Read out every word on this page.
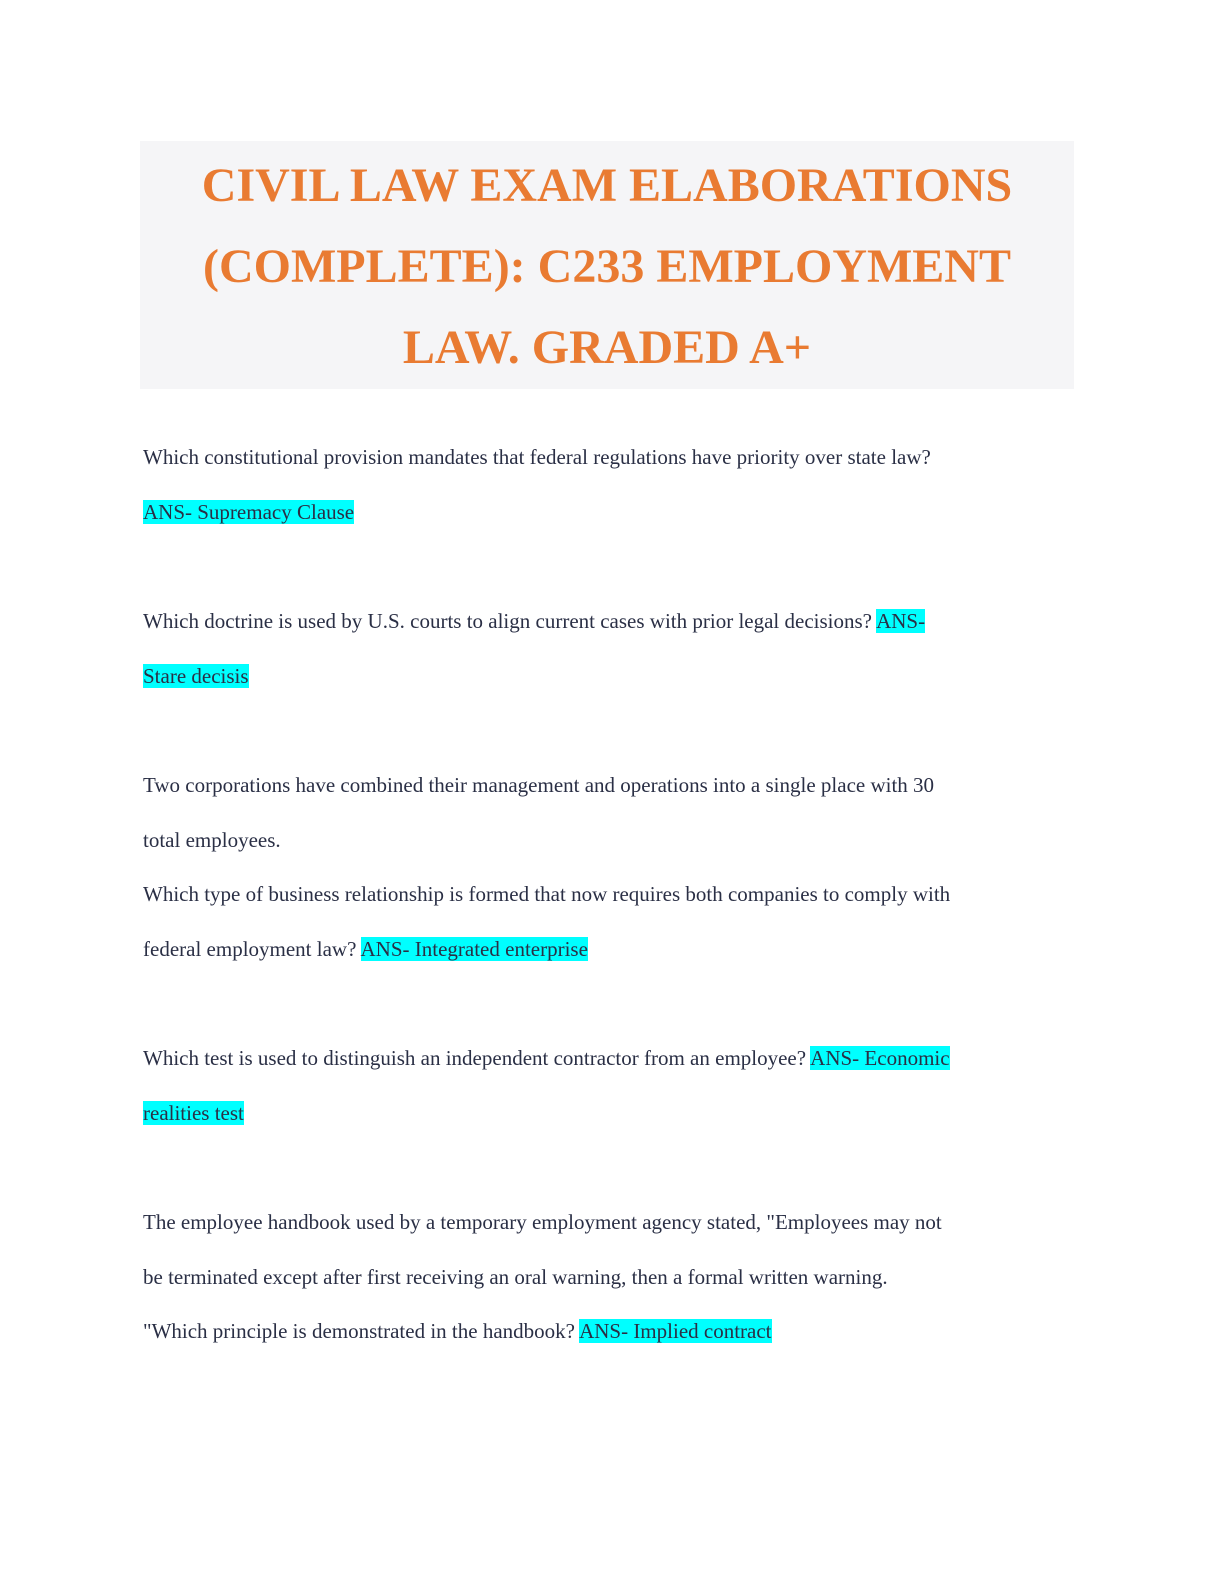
CIVIL LAW EXAM ELABORATIONS
(COMPLETE): C233 EMPLOYMENT
LAW. GRADED A+
Which constitutional provision mandates that federal regulations have priority over state law?
ANS- Supremacy Clause
Which doctrine is used by U.S. courts to align current cases with prior legal decisions? ANS-
Stare decisis
Two corporations have combined their management and operations into a single place with 30
total employees.
Which type of business relationship is formed that now requires both companies to comply with
federal employment law? ANS- Integrated enterprise
Which test is used to distinguish an independent contractor from an employee? ANS- Economic
realities test
The employee handbook used by a temporary employment agency stated, "Employees may not
be terminated except after first receiving an oral warning, then a formal written warning.
"Which principle is demonstrated in the handbook? ANS- Implied contract
